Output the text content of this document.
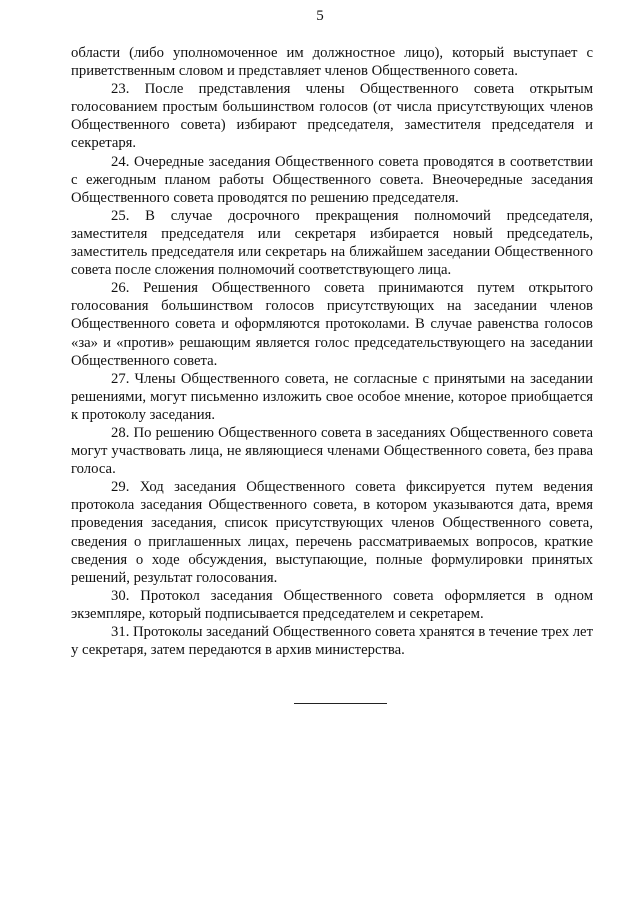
5

области (либо уполномоченное им должностное лицо), который выступает с приветственным словом и представляет членов Общественного совета.

23. После представления члены Общественного совета открытым голосованием простым большинством голосов (от числа присутствующих членов Общественного совета) избирают председателя, заместителя председателя и секретаря.

24. Очередные заседания Общественного совета проводятся в соответствии с ежегодным планом работы Общественного совета. Внеочередные заседания Общественного совета проводятся по решению председателя.

25. В случае досрочного прекращения полномочий председателя, заместителя председателя или секретаря избирается новый председатель, заместитель председателя или секретарь на ближайшем заседании Общественного совета после сложения полномочий соответствующего лица.

26. Решения Общественного совета принимаются путем открытого голосования большинством голосов присутствующих на заседании членов Общественного совета и оформляются протоколами. В случае равенства голосов «за» и «против» решающим является голос председательствующего на заседании Общественного совета.

27. Члены Общественного совета, не согласные с принятыми на заседании решениями, могут письменно изложить свое особое мнение, которое приобщается к протоколу заседания.

28. По решению Общественного совета в заседаниях Общественного совета могут участвовать лица, не являющиеся членами Общественного совета, без права голоса.

29. Ход заседания Общественного совета фиксируется путем ведения протокола заседания Общественного совета, в котором указываются дата, время проведения заседания, список присутствующих членов Общественного совета, сведения о приглашенных лицах, перечень рассматриваемых вопросов, краткие сведения о ходе обсуждения, выступающие, полные формулировки принятых решений, результат голосования.

30. Протокол заседания Общественного совета оформляется в одном экземпляре, который подписывается председателем и секретарем.

31. Протоколы заседаний Общественного совета хранятся в течение трех лет у секретаря, затем передаются в архив министерства.
